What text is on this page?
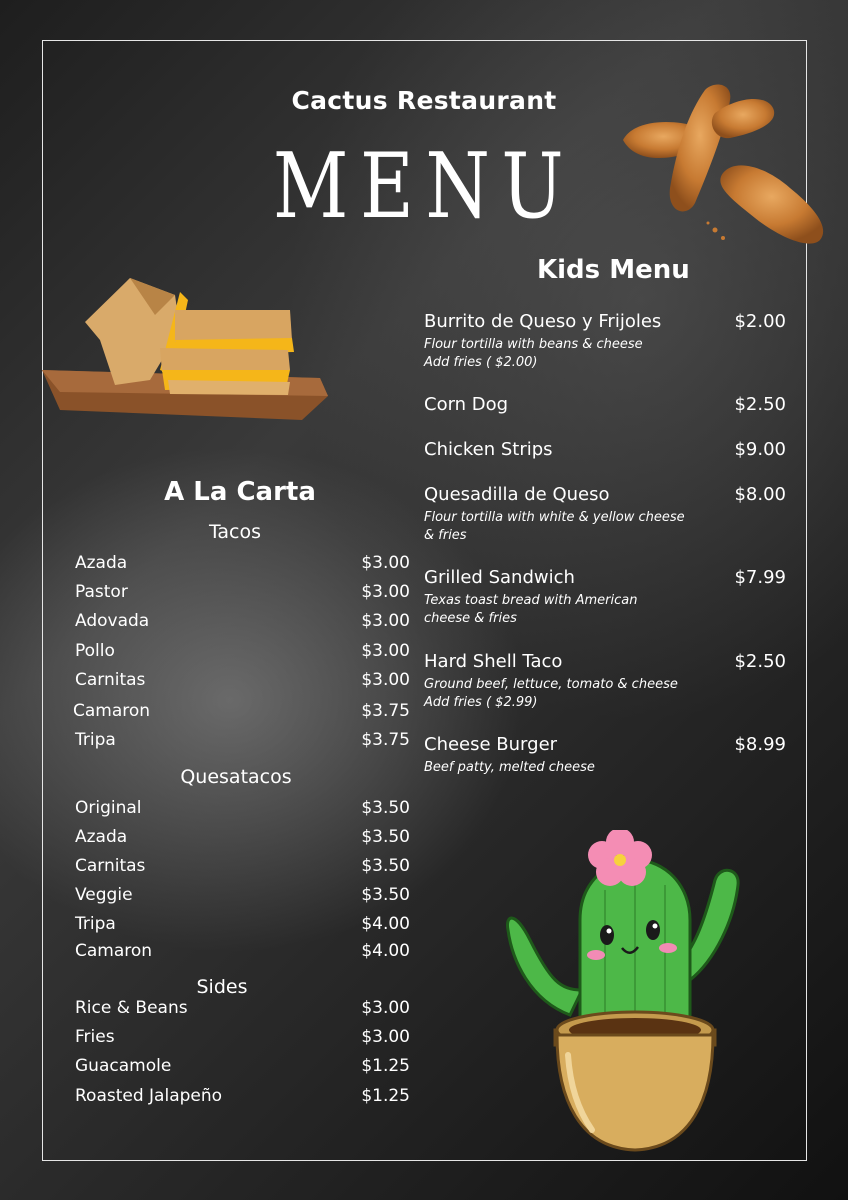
Cactus Restaurant
MENU
A La Carta
Tacos
Azada	$3.00
Pastor	$3.00
Adovada	$3.00
Pollo	$3.00
Carnitas	$3.00
Camaron	$3.75
Tripa	$3.75
Quesatacos
Original	$3.50
Azada	$3.50
Carnitas	$3.50
Veggie	$3.50
Tripa	$4.00
Camaron	$4.00
Sides
Rice & Beans	$3.00
Fries	$3.00
Guacamole	$1.25
Roasted Jalapeño	$1.25
Kids Menu
Burrito de Queso y Frijoles	$2.00
Flour tortilla with beans & cheese
Add fries ( $2.00)
Corn Dog	$2.50
Chicken Strips	$9.00
Quesadilla de Queso	$8.00
Flour tortilla with white & yellow cheese
& fries
Grilled Sandwich	$7.99
Texas toast bread with American
cheese & fries
Hard Shell Taco	$2.50
Ground beef, lettuce, tomato & cheese
Add fries ( $2.99)
Cheese Burger	$8.99
Beef patty, melted cheese
